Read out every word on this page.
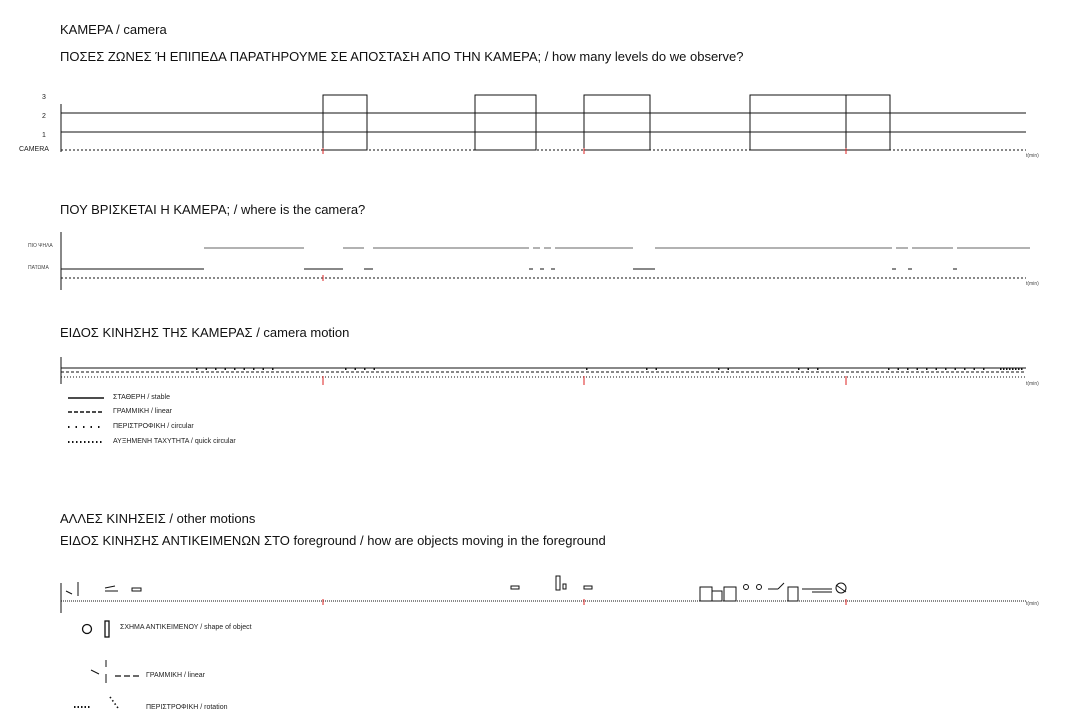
ΚΑΜΕΡΑ / camera
ΠΟΣΕΣ ΖΩΝΕΣ Ή ΕΠΙΠΕΔΑ ΠΑΡΑΤΗΡΟΥΜΕ ΣΕ ΑΠΟΣΤΑΣΗ ΑΠΟ ΤΗΝ ΚΑΜΕΡΑ; / how many levels do we observe?
3
2
1
CAMERA
t(min)
ΠΟΥ ΒΡΙΣΚΕΤΑΙ Η ΚΑΜΕΡΑ; / where is the camera?
ΠΙΟ ΨΗΛΑ
ΠΑΤΩΜΑ
t(min)
ΕΙΔΟΣ ΚΙΝΗΣΗΣ ΤΗΣ ΚΑΜΕΡΑΣ / camera motion
t(min)
ΣΤΑΘΕΡΗ / stable
ΓΡΑΜΜΙΚΗ / linear
ΠΕΡΙΣΤΡΟΦΙΚΗ / circular
ΑΥΞΗΜΕΝΗ ΤΑΧΥΤΗΤΑ / quick circular
ΑΛΛΕΣ ΚΙΝΗΣΕΙΣ / other motions
ΕΙΔΟΣ ΚΙΝΗΣΗΣ ΑΝΤΙΚΕΙΜΕΝΩΝ ΣΤΟ foreground / how are objects moving in the foreground
t(min)
ΣΧΗΜΑ ΑΝΤΙΚΕΙΜΕΝΟΥ / shape of object
ΓΡΑΜΜΙΚΗ / linear
ΠΕΡΙΣΤΡΟΦΙΚΗ / rotation
